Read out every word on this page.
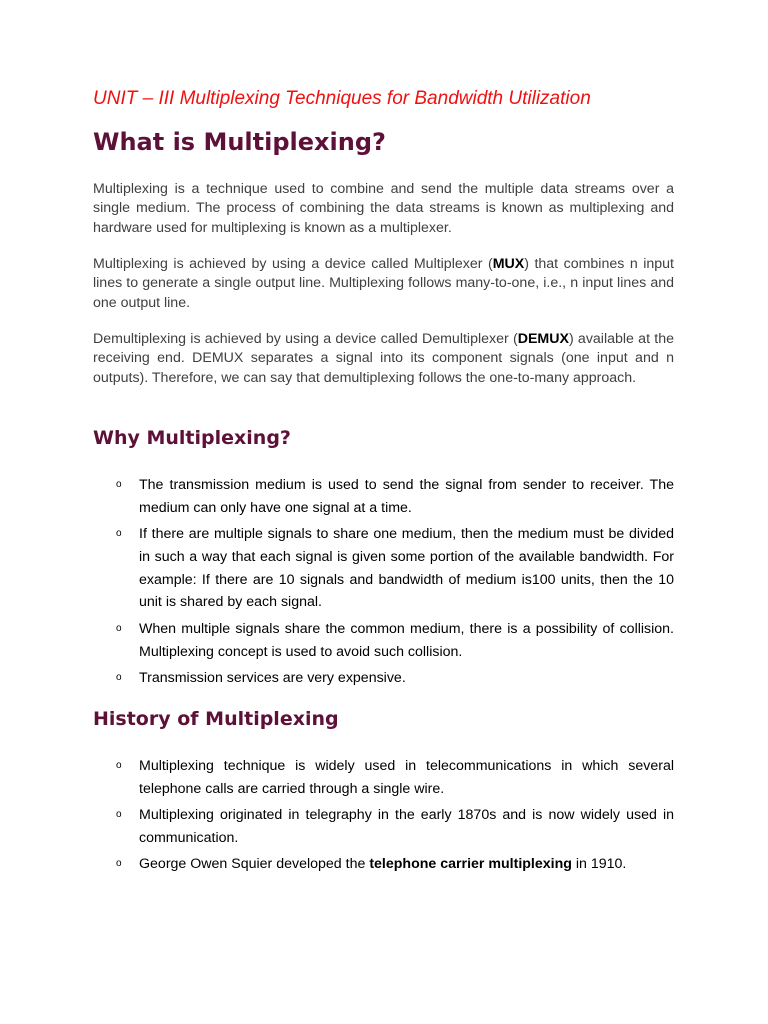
UNIT – III Multiplexing Techniques for Bandwidth Utilization
What is Multiplexing?

Multiplexing is a technique used to combine and send the multiple data streams over a single medium. The process of combining the data streams is known as multiplexing and hardware used for multiplexing is known as a multiplexer.

Multiplexing is achieved by using a device called Multiplexer (MUX) that combines n input lines to generate a single output line. Multiplexing follows many-to-one, i.e., n input lines and one output line.

Demultiplexing is achieved by using a device called Demultiplexer (DEMUX) available at the receiving end. DEMUX separates a signal into its component signals (one input and n outputs). Therefore, we can say that demultiplexing follows the one-to-many approach.

Why Multiplexing?
o The transmission medium is used to send the signal from sender to receiver. The medium can only have one signal at a time.
o If there are multiple signals to share one medium, then the medium must be divided in such a way that each signal is given some portion of the available bandwidth. For example: If there are 10 signals and bandwidth of medium is100 units, then the 10 unit is shared by each signal.
o When multiple signals share the common medium, there is a possibility of collision. Multiplexing concept is used to avoid such collision.
o Transmission services are very expensive.
History of Multiplexing
o Multiplexing technique is widely used in telecommunications in which several telephone calls are carried through a single wire.
o Multiplexing originated in telegraphy in the early 1870s and is now widely used in communication.
o George Owen Squier developed the telephone carrier multiplexing in 1910.
